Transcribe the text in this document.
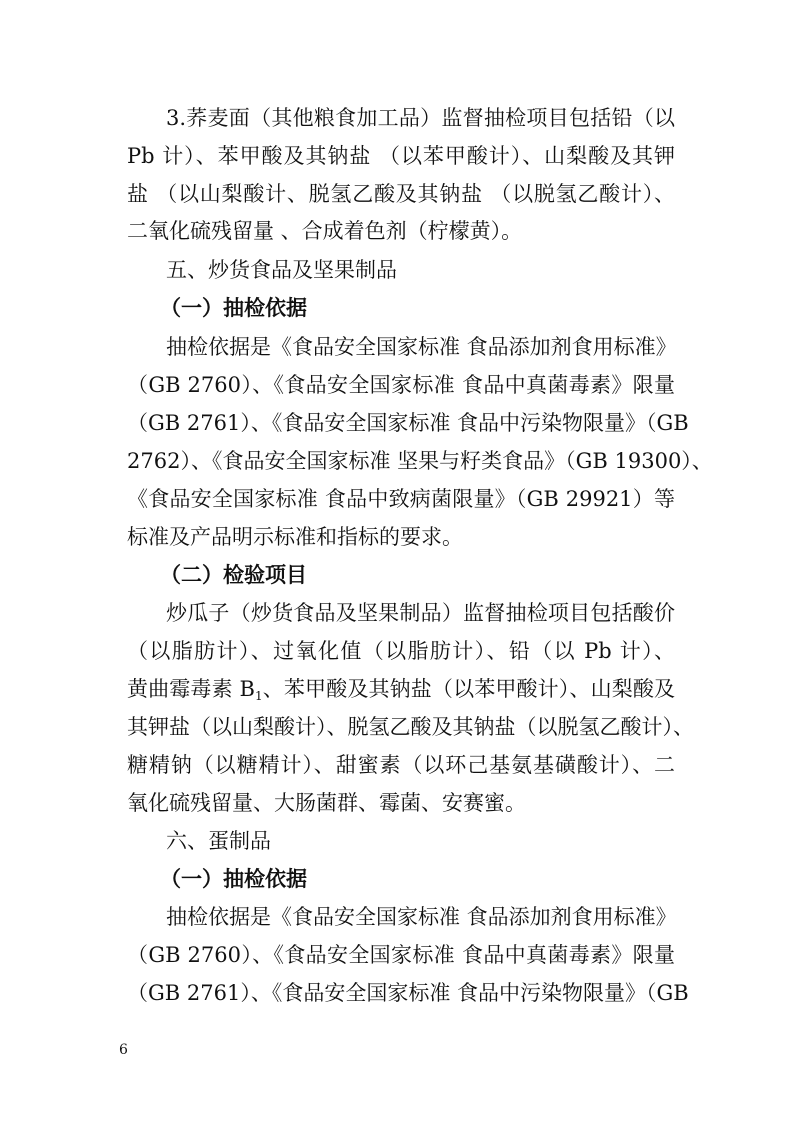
3.荞麦面（其他粮食加工品）监督抽检项目包括铅（以
Pb 计）、苯甲酸及其钠盐 （以苯甲酸计）、山梨酸及其钾
盐 （以山梨酸计、脱氢乙酸及其钠盐 （以脱氢乙酸计）、
二氧化硫残留量 、合成着色剂（柠檬黄）。
五、炒货食品及坚果制品
（一）抽检依据
抽检依据是《食品安全国家标准 食品添加剂食用标准》
（GB 2760）、《食品安全国家标准 食品中真菌毒素》限量
（GB 2761）、《食品安全国家标准 食品中污染物限量》（GB
2762）、《食品安全国家标准 坚果与籽类食品》（GB 19300）、
《食品安全国家标准 食品中致病菌限量》（GB 29921）等
标准及产品明示标准和指标的要求。
（二）检验项目
炒瓜子（炒货食品及坚果制品）监督抽检项目包括酸价
（以脂肪计）、过氧化值（以脂肪计）、铅（以 Pb 计）、
黄曲霉毒素 $B_1$、苯甲酸及其钠盐（以苯甲酸计）、山梨酸及
其钾盐（以山梨酸计）、脱氢乙酸及其钠盐（以脱氢乙酸计）、
糖精钠（以糖精计）、甜蜜素（以环己基氨基磺酸计）、二
氧化硫残留量、大肠菌群、霉菌、安赛蜜。
六、蛋制品
（一）抽检依据
抽检依据是《食品安全国家标准 食品添加剂食用标准》
（GB 2760）、《食品安全国家标准 食品中真菌毒素》限量
（GB 2761）、《食品安全国家标准 食品中污染物限量》（GB
6
